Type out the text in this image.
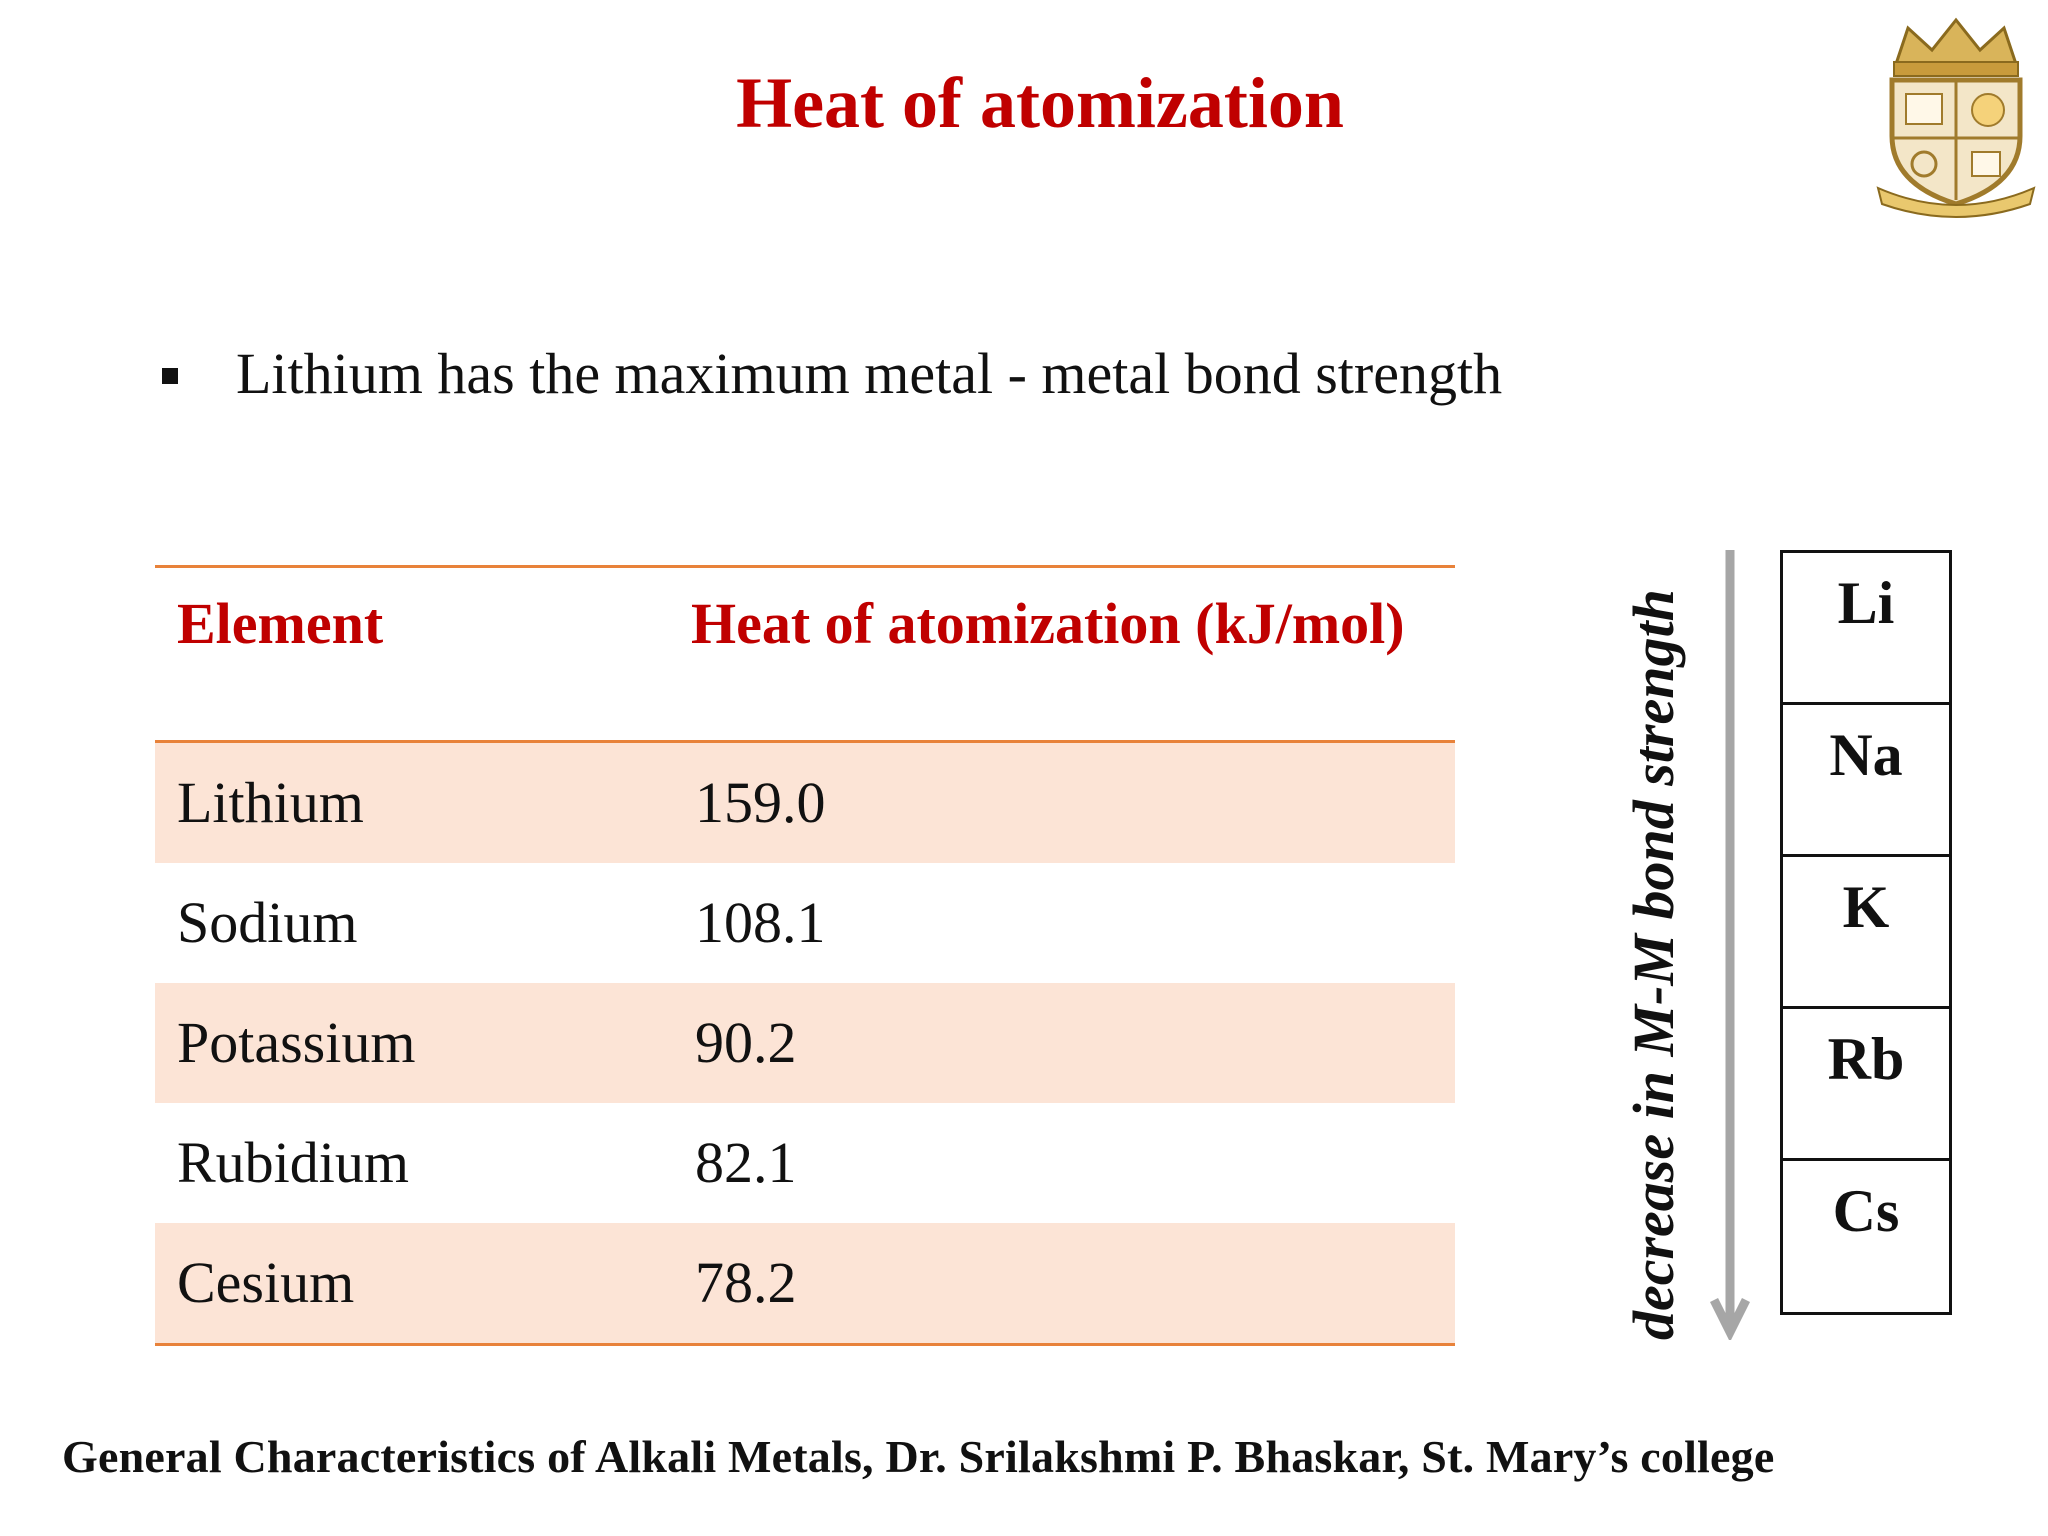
Heat of atomization
Lithium has the maximum metal - metal bond strength
Element	Heat of atomization (kJ/mol)
Lithium	159.0
Sodium	108.1
Potassium	90.2
Rubidium	82.1
Cesium	78.2	decrease in M-M bond strength	Li
Na
K
Rb
Cs
General Characteristics of Alkali Metals, Dr. Srilakshmi P. Bhaskar, St. Mary’s college
